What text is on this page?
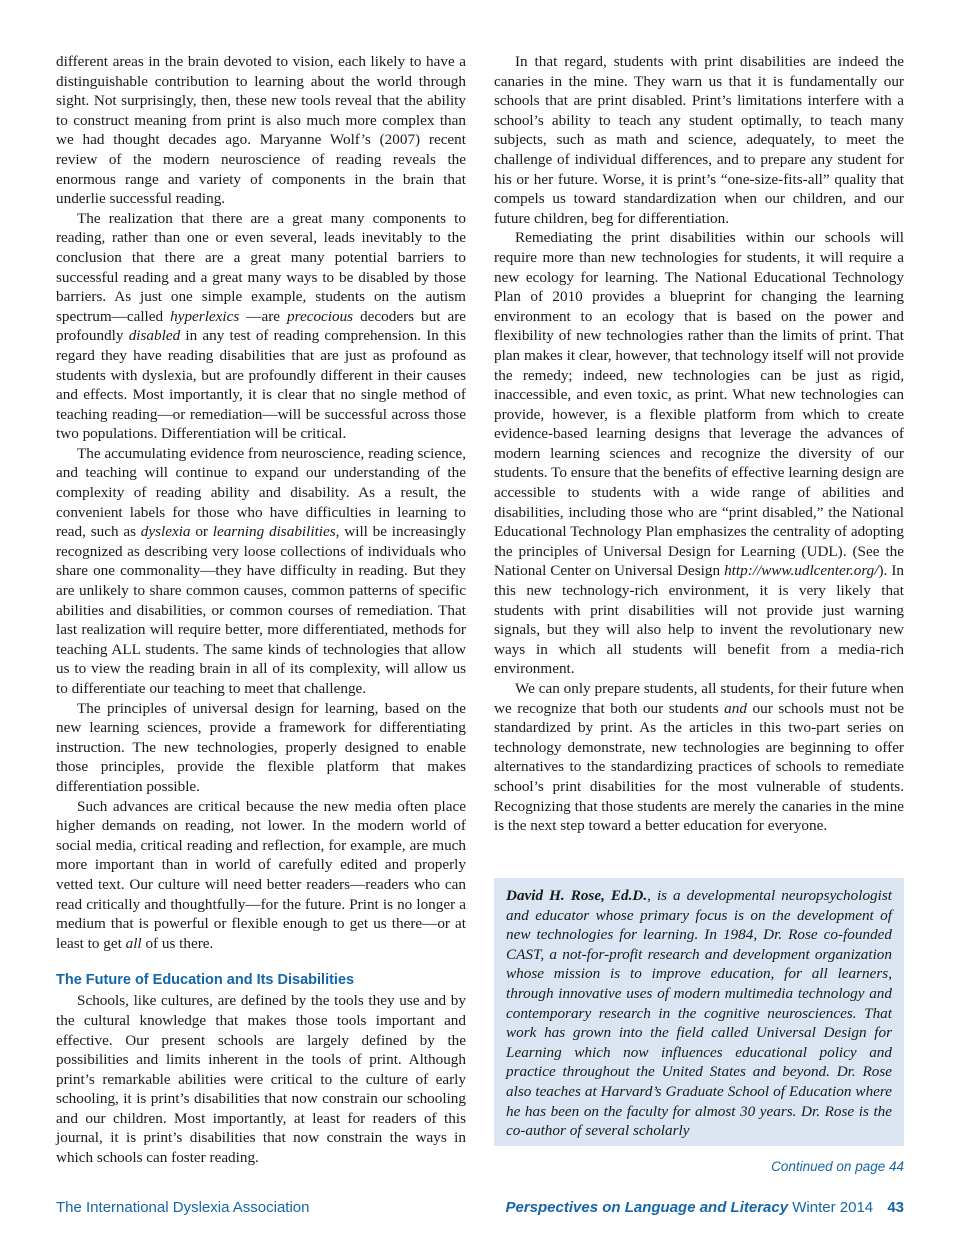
different areas in the brain devoted to vision, each likely to have a distinguishable contribution to learning about the world through sight. Not surprisingly, then, these new tools reveal that the ability to construct meaning from print is also much more complex than we had thought decades ago. Maryanne Wolf’s (2007) recent review of the modern neuroscience of reading reveals the enormous range and variety of components in the brain that underlie successful reading.

The realization that there are a great many components to reading, rather than one or even several, leads inevitably to the conclusion that there are a great many potential barriers to successful reading and a great many ways to be disabled by those barriers. As just one simple example, students on the autism spectrum—called hyperlexics —are precocious decoders but are profoundly disabled in any test of reading comprehension. In this regard they have reading disabilities that are just as profound as students with dyslexia, but are profoundly different in their causes and effects. Most importantly, it is clear that no single method of teaching reading—or remediation—will be successful across those two populations. Differentiation will be critical.

The accumulating evidence from neuroscience, reading science, and teaching will continue to expand our understanding of the complexity of reading ability and disability. As a result, the convenient labels for those who have difficulties in learning to read, such as dyslexia or learning disabilities, will be increasingly recognized as describing very loose collections of individuals who share one commonality—they have difficulty in reading. But they are unlikely to share common causes, common patterns of specific abilities and disabilities, or common courses of remediation. That last realization will require better, more differentiated, methods for teaching ALL students. The same kinds of technologies that allow us to view the reading brain in all of its complexity, will allow us to differentiate our teaching to meet that challenge.

The principles of universal design for learning, based on the new learning sciences, provide a framework for differentiating instruction. The new technologies, properly designed to enable those principles, provide the flexible platform that makes differentiation possible.

Such advances are critical because the new media often place higher demands on reading, not lower. In the modern world of social media, critical reading and reflection, for example, are much more important than in world of carefully edited and properly vetted text. Our culture will need better readers—readers who can read critically and thoughtfully—for the future. Print is no longer a medium that is powerful or flexible enough to get us there—or at least to get all of us there.

The Future of Education and Its Disabilities

Schools, like cultures, are defined by the tools they use and by the cultural knowledge that makes those tools important and effective. Our present schools are largely defined by the possibilities and limits inherent in the tools of print. Although print’s remarkable abilities were critical to the culture of early schooling, it is print’s disabilities that now constrain our schooling and our children. Most importantly, at least for readers of this journal, it is print’s disabilities that now constrain the ways in which schools can foster reading.

In that regard, students with print disabilities are indeed the canaries in the mine. They warn us that it is fundamentally our schools that are print disabled. Print’s limitations interfere with a school’s ability to teach any student optimally, to teach many subjects, such as math and science, adequately, to meet the challenge of individual differences, and to prepare any student for his or her future. Worse, it is print’s “one-size-fits-all” quality that compels us toward standardization when our children, and our future children, beg for differentiation.

Remediating the print disabilities within our schools will require more than new technologies for students, it will require a new ecology for learning. The National Educational Technology Plan of 2010 provides a blueprint for changing the learning environment to an ecology that is based on the power and flexibility of new technologies rather than the limits of print. That plan makes it clear, however, that technology itself will not provide the remedy; indeed, new technologies can be just as rigid, inaccessible, and even toxic, as print. What new technologies can provide, however, is a flexible platform from which to create evidence-based learning designs that leverage the advances of modern learning sciences and recognize the diversity of our students. To ensure that the benefits of effective learning design are accessible to students with a wide range of abilities and disabilities, including those who are “print disabled,” the National Educational Technology Plan emphasizes the centrality of adopting the principles of Universal Design for Learning (UDL). (See the National Center on Universal Design http://www.udlcenter.org/). In this new technology-rich environment, it is very likely that students with print disabilities will not provide just warning signals, but they will also help to invent the revolutionary new ways in which all students will benefit from a media-rich environment.

We can only prepare students, all students, for their future when we recognize that both our students and our schools must not be standardized by print. As the articles in this two-part series on technology demonstrate, new technologies are beginning to offer alternatives to the standardizing practices of schools to remediate school’s print disabilities for the most vulnerable of students. Recognizing that those students are merely the canaries in the mine is the next step toward a better education for everyone.

David H. Rose, Ed.D., is a developmental neuropsychologist and educator whose primary focus is on the development of new technologies for learning. In 1984, Dr. Rose co-founded CAST, a not-for-profit research and development organization whose mission is to improve education, for all learners, through innovative uses of modern multimedia technology and contemporary research in the cognitive neurosciences. That work has grown into the field called Universal Design for Learning which now influences educational policy and practice throughout the United States and beyond. Dr. Rose also teaches at Harvard’s Graduate School of Education where he has been on the faculty for almost 30 years. Dr. Rose is the co-author of several scholarly
Continued on page 44
The International Dyslexia Association	Perspectives on Language and Literacy Winter 2014 43
